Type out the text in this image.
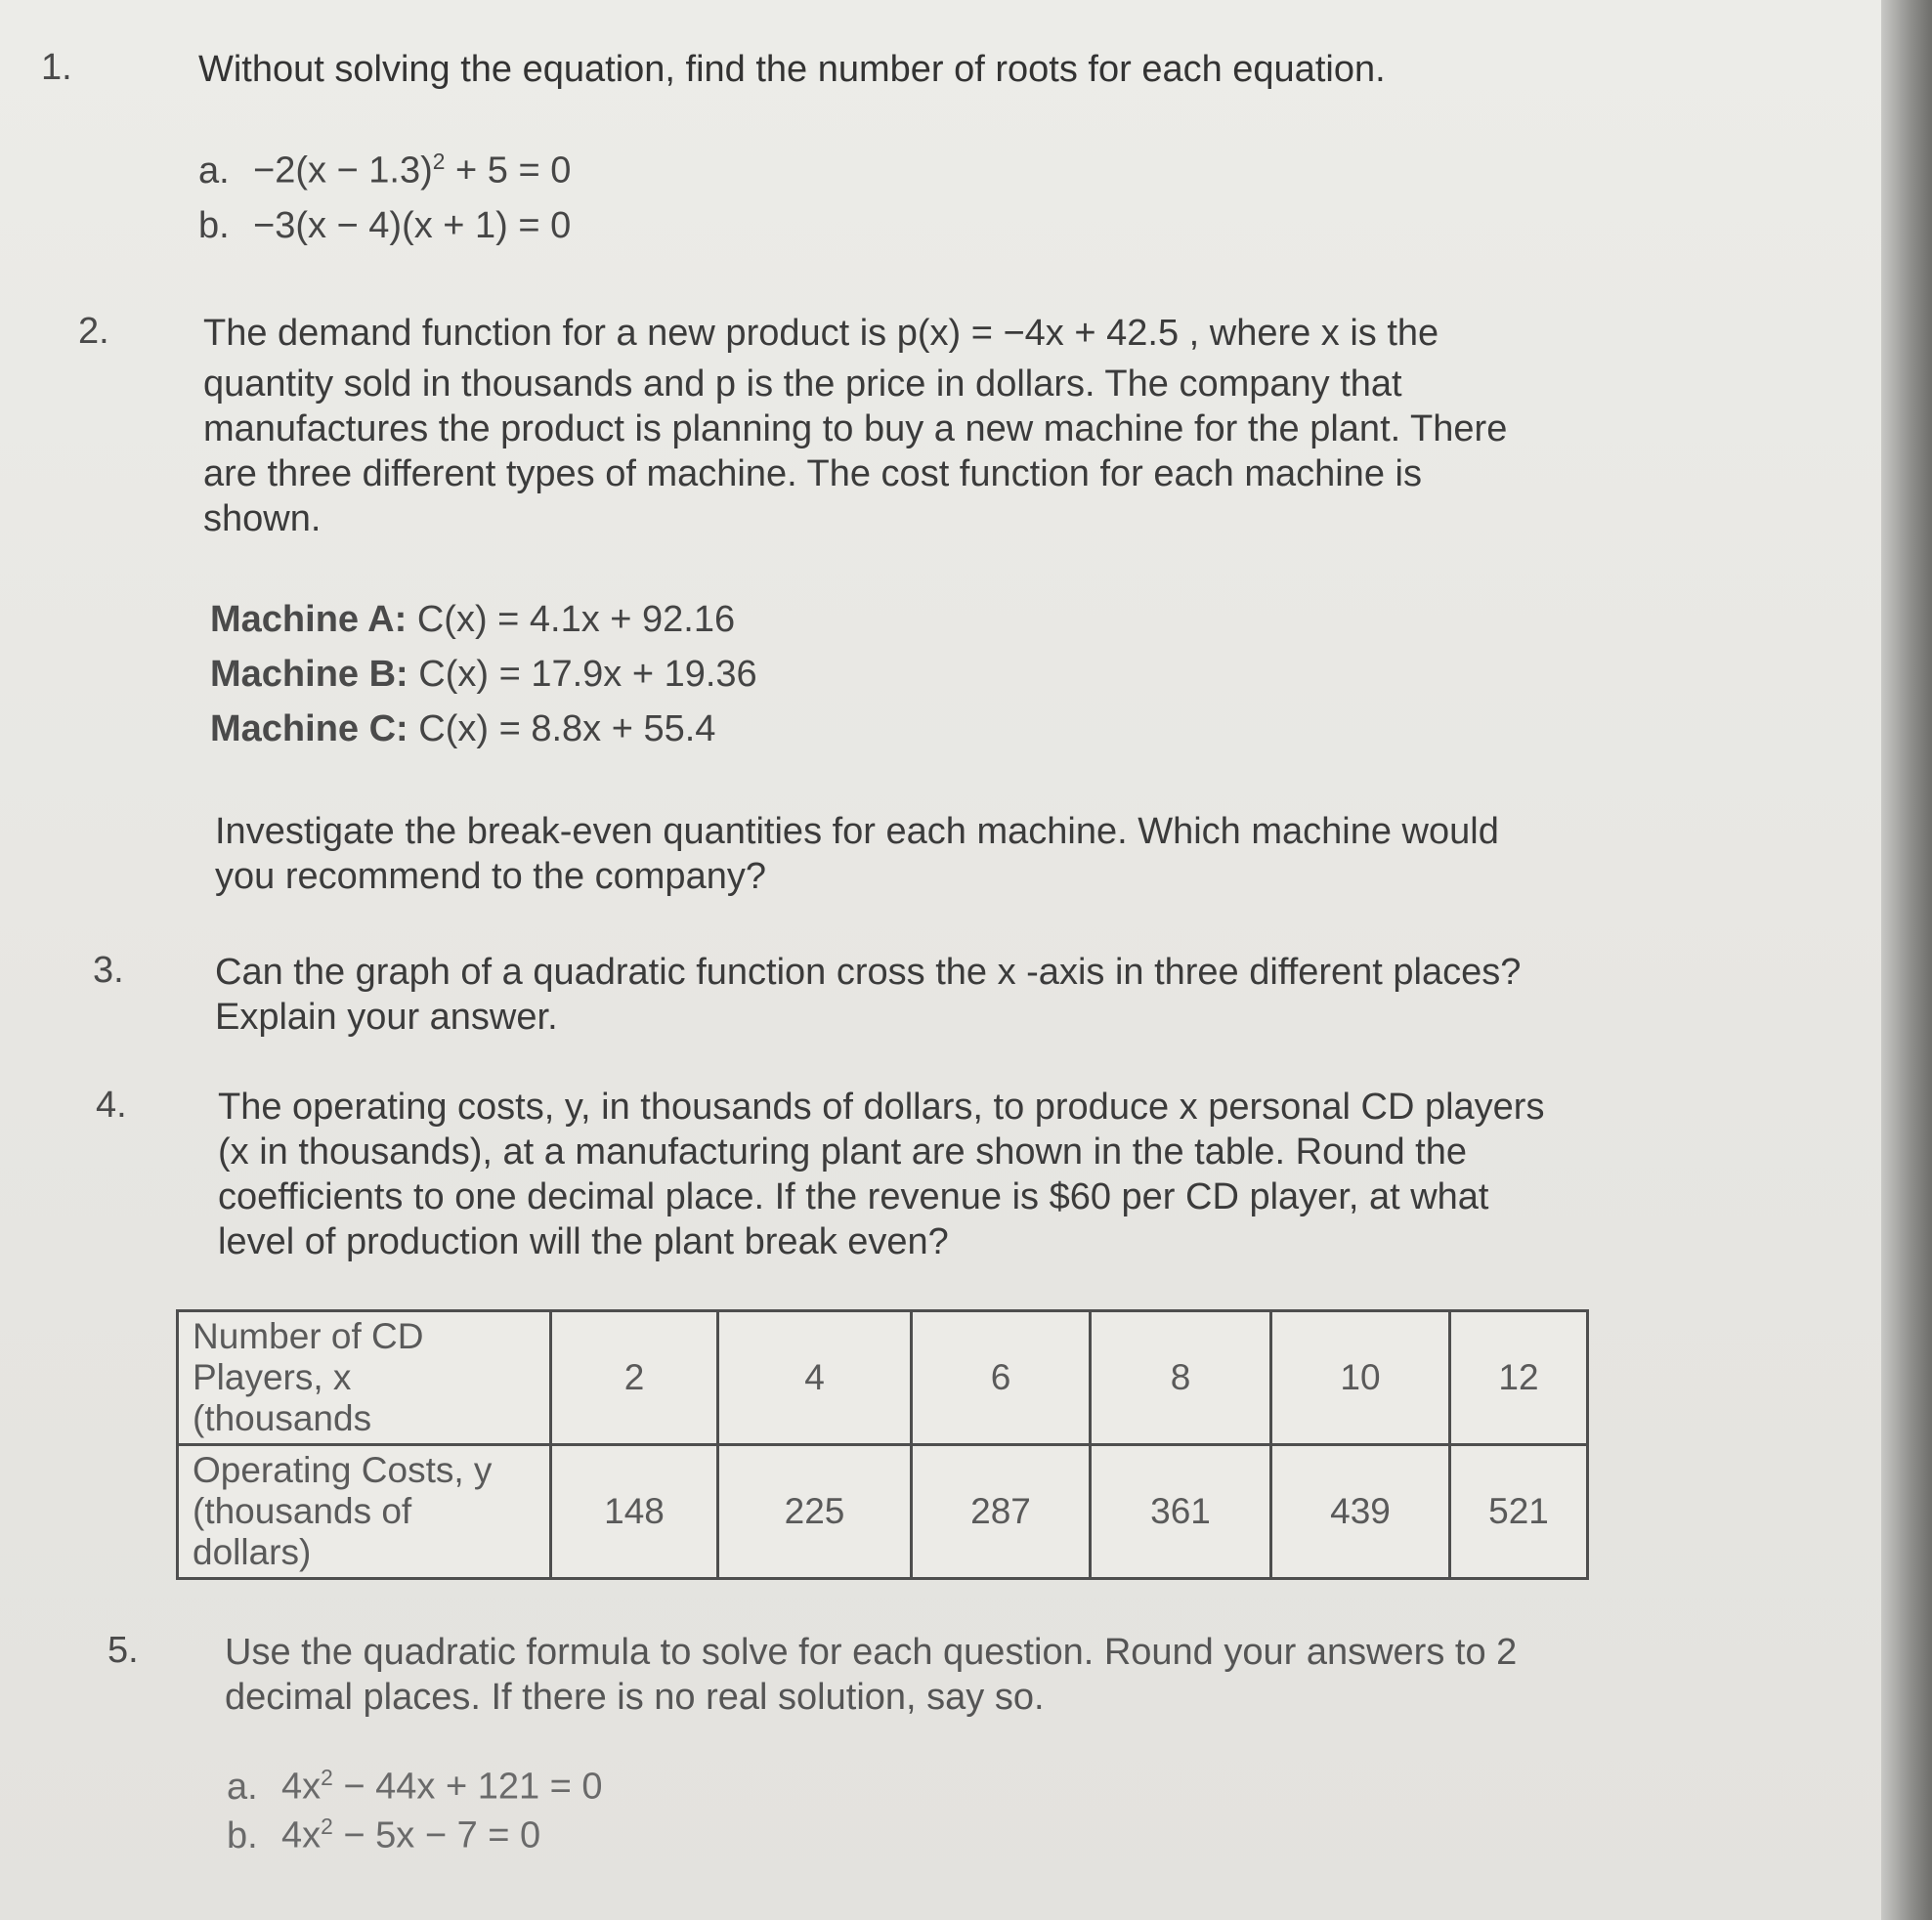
1.	Without solving the equation, find the number of roots for each equation.
a. $-2(x - 1.3)^2 + 5 = 0$
b. −3(x − 4)(x + 1) = 0
2.	The demand function for a new product is p(x) = −4x + 42.5 , where x is the
quantity sold in thousands and p is the price in dollars. The company that
manufactures the product is planning to buy a new machine for the plant. There
are three different types of machine. The cost function for each machine is
shown.
Machine A: C(x) = 4.1x + 92.16
Machine B: C(x) = 17.9x + 19.36
Machine C: C(x) = 8.8x + 55.4
Investigate the break-even quantities for each machine. Which machine would
you recommend to the company?
3. Can the graph of a quadratic function cross the x -axis in three different places?
Explain your answer.
4. The operating costs, y, in thousands of dollars, to produce x personal CD players
(x in thousands), at a manufacturing plant are shown in the table. Round the
coefficients to one decimal place. If the revenue is $60 per CD player, at what
level of production will the plant break even?
Number of CD
Players, x
(thousands	2	4	6	8	10	12
Operating Costs, y
(thousands of
dollars)	148	225	287	361	439	521
5. Use the quadratic formula to solve for each question. Round your answers to 2
decimal places. If there is no real solution, say so.
a. $4x^2 - 44x + 121 = 0$
b. $4x^2 - 5x - 7 = 0$
